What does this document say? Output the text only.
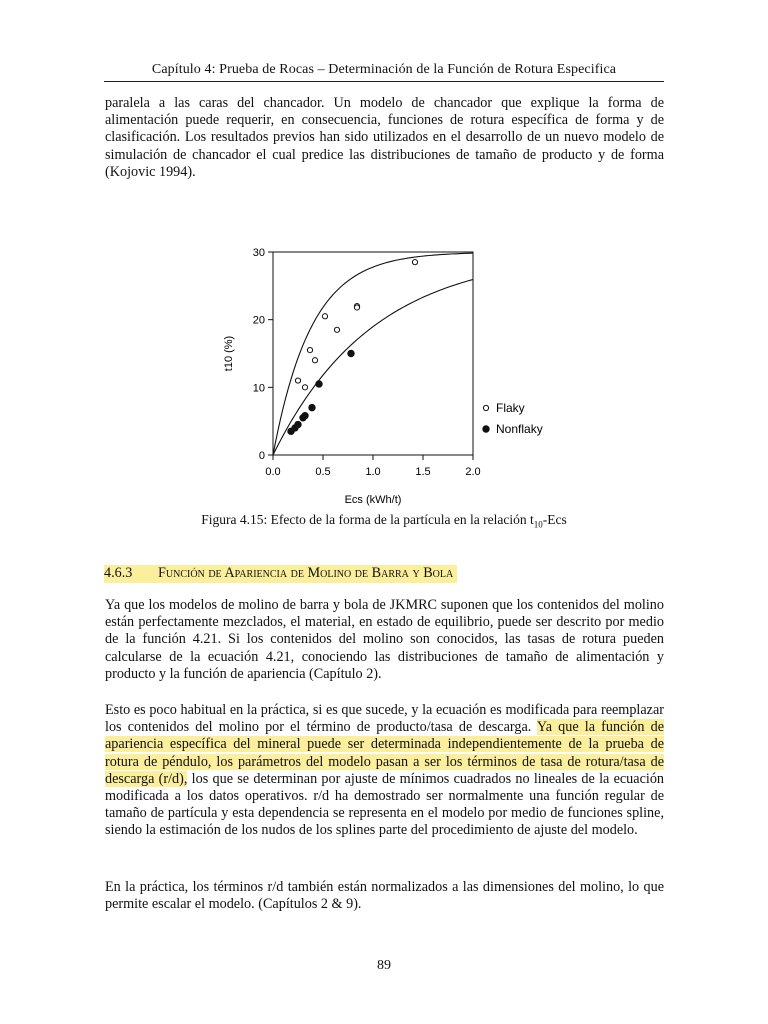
Capítulo 4: Prueba de Rocas – Determinación de la Función de Rotura Especifica

paralela a las caras del chancador. Un modelo de chancador que explique la forma de alimentación puede requerir, en consecuencia, funciones de rotura específica de forma y de clasificación. Los resultados previos han sido utilizados en el desarrollo de un nuevo modelo de simulación de chancador el cual predice las distribuciones de tamaño de producto y de forma (Kojovic 1994).

0.0	0.5	1.0	1.5	2.0
0
10
20
30
Ecs (kWh/t)
t10 (%)
Flaky
Nonflaky
Figura 4.15: Efecto de la forma de la partícula en la relación $t_{10}$-Ecs
4.6.3 Función de Apariencia de Molino de Barra y Bola

Ya que los modelos de molino de barra y bola de JKMRC suponen que los contenidos del molino están perfectamente mezclados, el material, en estado de equilibrio, puede ser descrito por medio de la función 4.21. Si los contenidos del molino son conocidos, las tasas de rotura pueden calcularse de la ecuación 4.21, conociendo las distribuciones de tamaño de alimentación y producto y la función de apariencia (Capítulo 2).

Esto es poco habitual en la práctica, si es que sucede, y la ecuación es modificada para reemplazar los contenidos del molino por el término de producto/tasa de descarga. Ya que la función de apariencia específica del mineral puede ser determinada independientemente de la prueba de rotura de péndulo, los parámetros del modelo pasan a ser los términos de tasa de rotura/tasa de descarga (r/d), los que se determinan por ajuste de mínimos cuadrados no lineales de la ecuación modificada a los datos operativos. r/d ha demostrado ser normalmente una función regular de tamaño de partícula y esta dependencia se representa en el modelo por medio de funciones spline, siendo la estimación de los nudos de los splines parte del procedimiento de ajuste del modelo.

En la práctica, los términos r/d también están normalizados a las dimensiones del molino, lo que permite escalar el modelo. (Capítulos 2 & 9).

89
